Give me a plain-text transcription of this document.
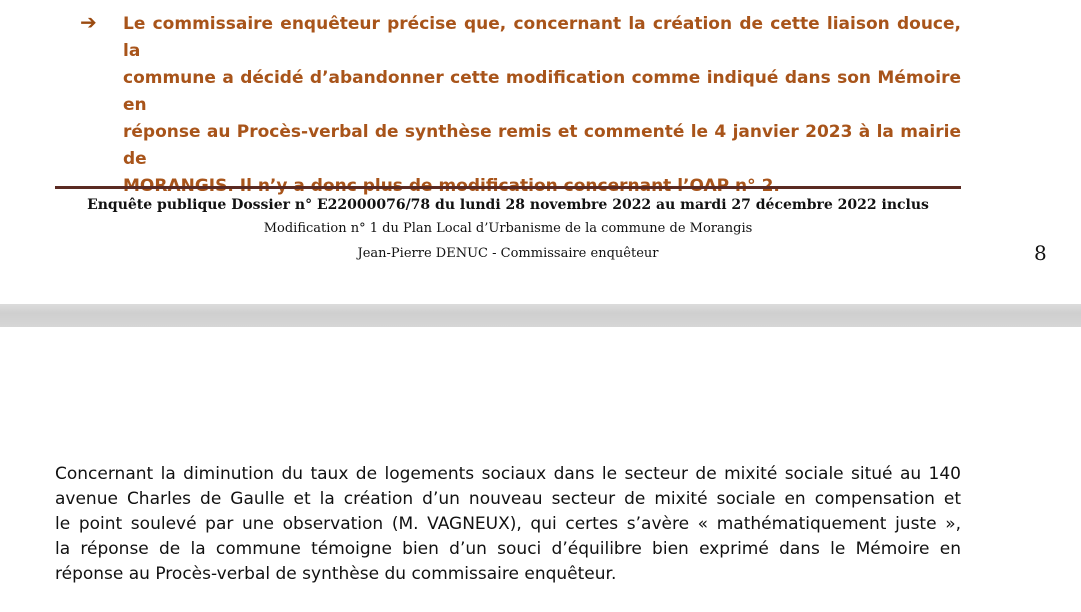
➔ Le commissaire enquêteur précise que, concernant la création de cette liaison douce, la
commune a décidé d’abandonner cette modification comme indiqué dans son Mémoire en
réponse au Procès-verbal de synthèse remis et commenté le 4 janvier 2023 à la mairie de

Enquête publique Dossier n° E22000076/78 du lundi 28 novembre 2022 au mardi 27 décembre 2022 inclus

Modification n° 1 du Plan Local d’Urbanisme de la commune de Morangis

Jean-Pierre DENUC - Commissaire enquêteur	8

Concernant la diminution du taux de logements sociaux dans le secteur de mixité sociale situé au 140
avenue Charles de Gaulle et la création d’un nouveau secteur de mixité sociale en compensation et
le point soulevé par une observation (M. VAGNEUX), qui certes s’avère « mathématiquement juste »,
la réponse de la commune témoigne bien d’un souci d’équilibre bien exprimé dans le Mémoire en
réponse au Procès-verbal de synthèse du commissaire enquêteur.
